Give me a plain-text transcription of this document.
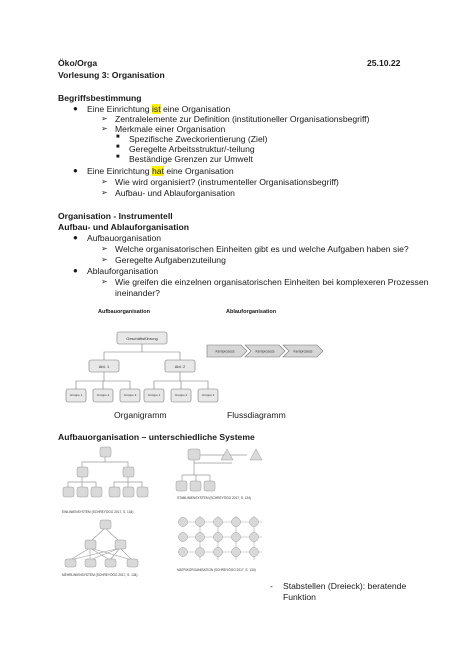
Öko/Orga	25.10.22
Vorlesung 3: Organisation
Begriffsbestimmung
● Eine Einrichtung ist eine Organisation
➢ Zentralelemente zur Definition (institutioneller Organisationsbegriff)
➢ Merkmale einer Organisation
■ Spezifische Zweckorientierung (Ziel)
■ Geregelte Arbeitsstruktur/-teilung
■ Beständige Grenzen zur Umwelt
● Eine Einrichtung hat eine Organisation
➢ Wie wird organisiert? (instrumenteller Organisationsbegriff)
➢ Aufbau- und Ablauforganisation
Organisation - Instrumentell
Aufbau- und Ablauforganisation
● Aufbauorganisation
➢ Welche organisatorischen Einheiten gibt es und welche Aufgaben haben sie?
➢ Geregelte Aufgabenzuteilung
● Ablauforganisation
➢ Wie greifen die einzelnen organisatorischen Einheiten bei komplexeren Prozessen
ineinander?
Aufbauorganisation	Ablauforganisation
Geschäftsführung
Abt. 1	Abt. 2
Gruppe 1	Gruppe 2	Gruppe 3	Gruppe 1	Gruppe 2	Gruppe 3
Kernprozess	Kernprozess	Kernprozess
Organigramm	Flussdiagramm
Aufbauorganisation – unterschiedliche Systeme
EINLINIENSYSTEM (SCHREYÖGG 2017, S. 134)
STABLINIENSYSTEM (SCHREYÖGG 2017, S. 134)
MEHRLINIENSYSTEM (SCHREYÖGG 2017, S. 134)
MATRIXORGANISATION (SCHREYÖGG 2017, S. 134)
- Stabstellen (Dreieck): beratende
Funktion
